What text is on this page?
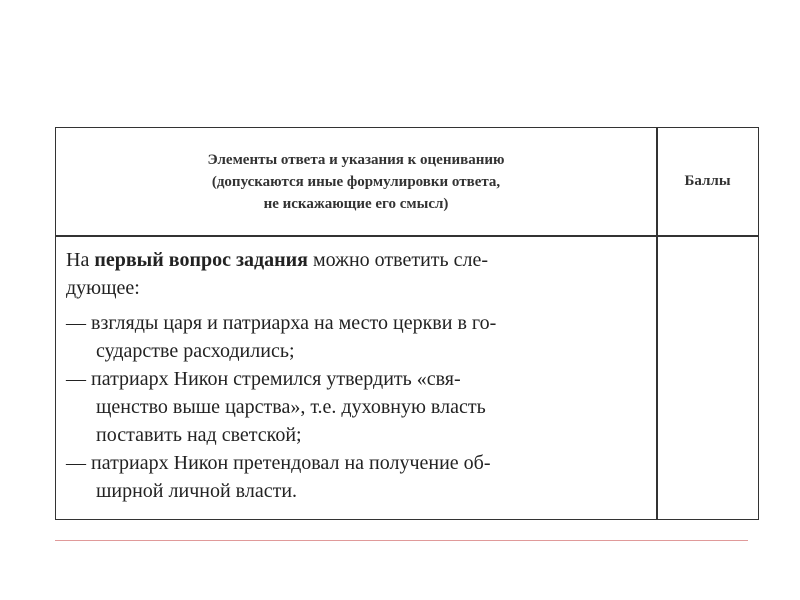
Элементы ответа и указания к оцениванию
(допускаются иные формулировки ответа,
не искажающие его смысл)
Баллы
На первый вопрос задания можно ответить сле-
дующее:
— взгляды царя и патриарха на место церкви в го-
сударстве расходились;
— патриарх Никон стремился утвердить «свя-
щенство выше царства», т.е. духовную власть
поставить над светской;
— патриарх Никон претендовал на получение об-
ширной личной власти.
